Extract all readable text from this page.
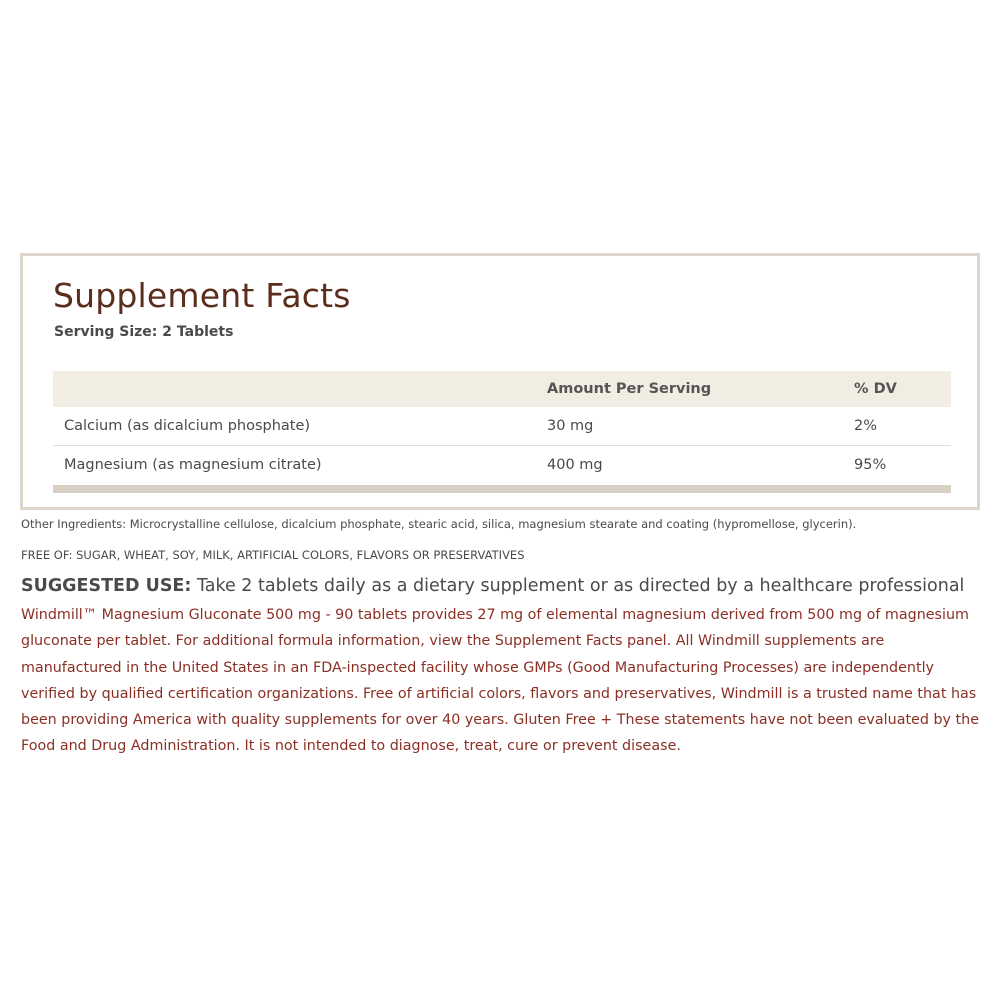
Supplement Facts
Serving Size: 2 Tablets
	Amount Per Serving	% DV
Calcium (as dicalcium phosphate)	30 mg	2%
Magnesium (as magnesium citrate)	400 mg	95%
Other Ingredients: Microcrystalline cellulose, dicalcium phosphate, stearic acid, silica, magnesium stearate and coating (hypromellose, glycerin).
FREE OF: SUGAR, WHEAT, SOY, MILK, ARTIFICIAL COLORS, FLAVORS OR PRESERVATIVES
SUGGESTED USE: Take 2 tablets daily as a dietary supplement or as directed by a healthcare professional
Windmill™ Magnesium Gluconate 500 mg - 90 tablets provides 27 mg of elemental magnesium derived from 500 mg of magnesium gluconate per tablet. For additional formula information, view the Supplement Facts panel. All Windmill supplements are manufactured in the United States in an FDA-inspected facility whose GMPs (Good Manufacturing Processes) are independently verified by qualified certification organizations. Free of artificial colors, flavors and preservatives, Windmill is a trusted name that has been providing America with quality supplements for over 40 years. Gluten Free + These statements have not been evaluated by the Food and Drug Administration. It is not intended to diagnose, treat, cure or prevent disease.
